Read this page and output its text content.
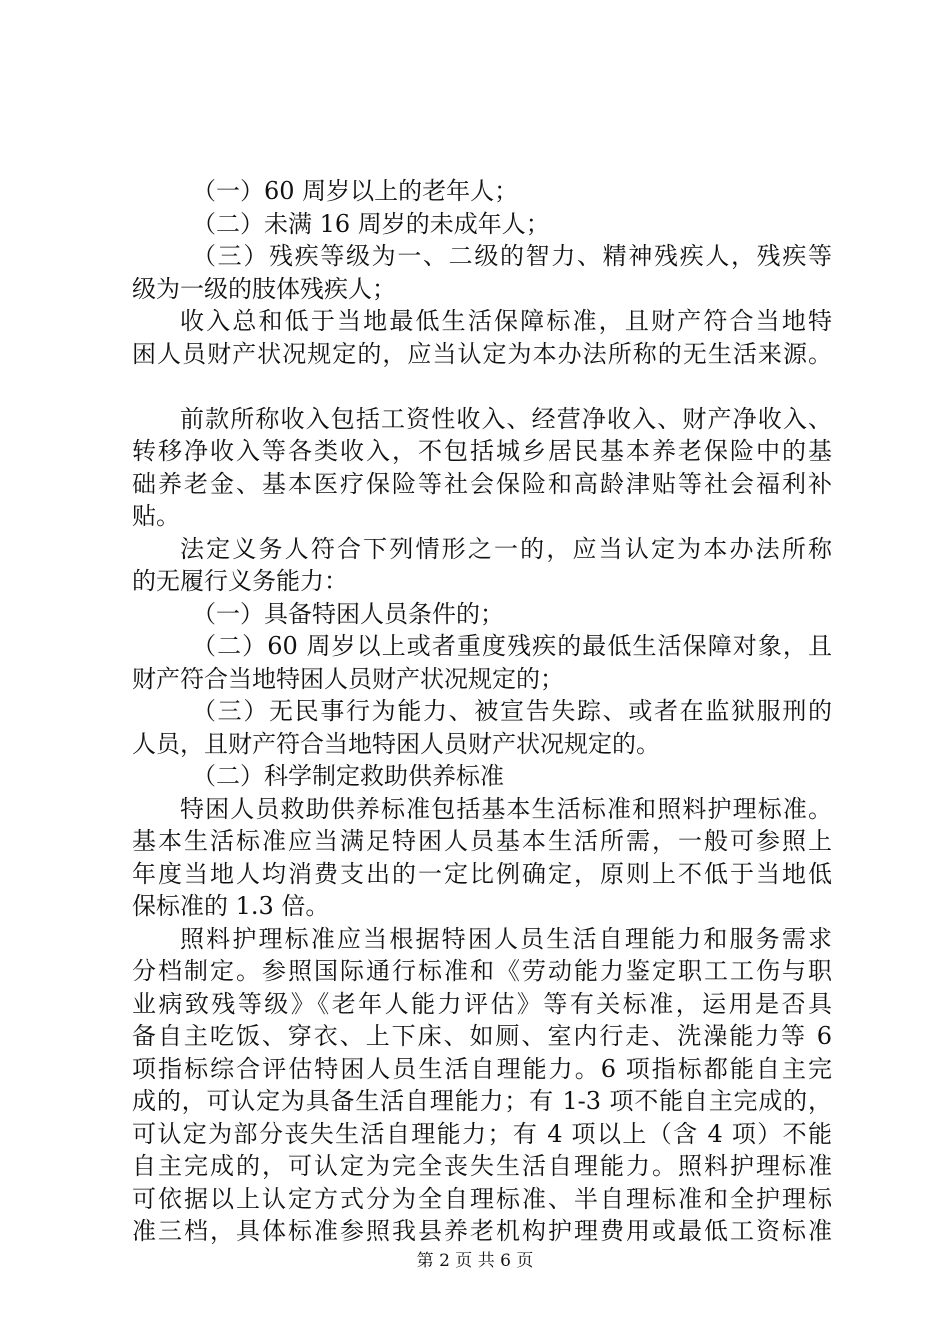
（一）60 周岁以上的老年人；
（二）未满 16 周岁的未成年人；
（三）残疾等级为一、二级的智力、精神残疾人，残疾等
级为一级的肢体残疾人；
收入总和低于当地最低生活保障标准，且财产符合当地特
困人员财产状况规定的，应当认定为本办法所称的无生活来源。
前款所称收入包括工资性收入、经营净收入、财产净收入、
转移净收入等各类收入，不包括城乡居民基本养老保险中的基
础养老金、基本医疗保险等社会保险和高龄津贴等社会福利补
贴。
法定义务人符合下列情形之一的，应当认定为本办法所称
的无履行义务能力：
（一）具备特困人员条件的；
（二）60 周岁以上或者重度残疾的最低生活保障对象，且
财产符合当地特困人员财产状况规定的；
（三）无民事行为能力、被宣告失踪、或者在监狱服刑的
人员，且财产符合当地特困人员财产状况规定的。
（二）科学制定救助供养标准
特困人员救助供养标准包括基本生活标准和照料护理标准。
基本生活标准应当满足特困人员基本生活所需，一般可参照上
年度当地人均消费支出的一定比例确定，原则上不低于当地低
保标准的 1.3 倍。
照料护理标准应当根据特困人员生活自理能力和服务需求
分档制定。参照国际通行标准和《劳动能力鉴定职工工伤与职
业病致残等级》《老年人能力评估》等有关标准，运用是否具
备自主吃饭、穿衣、上下床、如厕、室内行走、洗澡能力等 6
项指标综合评估特困人员生活自理能力。6 项指标都能自主完
成的，可认定为具备生活自理能力；有 1-3 项不能自主完成的，
可认定为部分丧失生活自理能力；有 4 项以上（含 4 项）不能
自主完成的，可认定为完全丧失生活自理能力。照料护理标准
可依据以上认定方式分为全自理标准、半自理标准和全护理标
准三档，具体标准参照我县养老机构护理费用或最低工资标准
第 2 页 共 6 页
